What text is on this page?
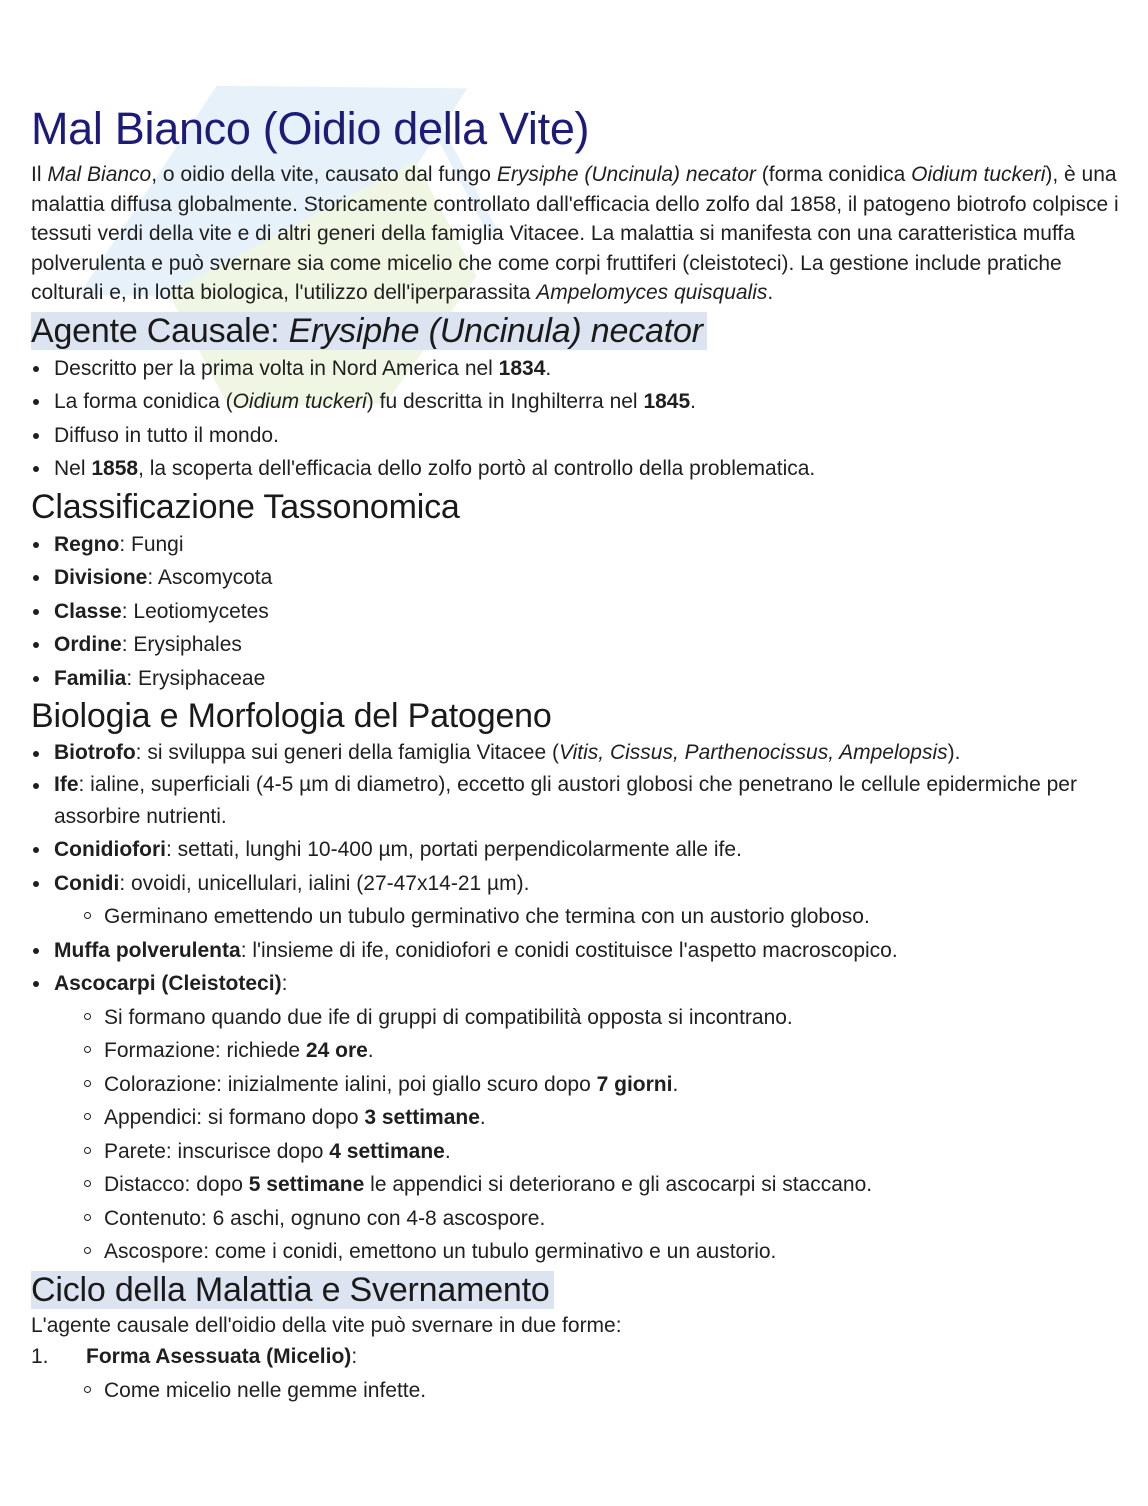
Mal Bianco (Oidio della Vite)

Il Mal Bianco, o oidio della vite, causato dal fungo Erysiphe (Uncinula) necator (forma conidica Oidium tuckeri), è una malattia diffusa globalmente. Storicamente controllato dall'efficacia dello zolfo dal 1858, il patogeno biotrofo colpisce i tessuti verdi della vite e di altri generi della famiglia Vitacee. La malattia si manifesta con una caratteristica muffa polverulenta e può svernare sia come micelio che come corpi fruttiferi (cleistoteci). La gestione include pratiche colturali e, in lotta biologica, l'utilizzo dell'iperparassita Ampelomyces quisqualis.

Agente Causale: Erysiphe (Uncinula) necator
Descritto per la prima volta in Nord America nel 1834.
La forma conidica (Oidium tuckeri) fu descritta in Inghilterra nel 1845.
Diffuso in tutto il mondo.
Nel 1858, la scoperta dell'efficacia dello zolfo portò al controllo della problematica.
Classificazione Tassonomica
Regno: Fungi
Divisione: Ascomycota
Classe: Leotiomycetes
Ordine: Erysiphales
Familia: Erysiphaceae
Biologia e Morfologia del Patogeno
Biotrofo: si sviluppa sui generi della famiglia Vitacee (Vitis, Cissus, Parthenocissus, Ampelopsis).
Ife: ialine, superficiali (4-5 µm di diametro), eccetto gli austori globosi che penetrano le cellule epidermiche per assorbire nutrienti.
Conidiofori: settati, lunghi 10-400 µm, portati perpendicolarmente alle ife.
Conidi: ovoidi, unicellulari, ialini (27-47x14-21 µm).
Germinano emettendo un tubulo germinativo che termina con un austorio globoso.
Muffa polverulenta: l'insieme di ife, conidiofori e conidi costituisce l'aspetto macroscopico.
Ascocarpi (Cleistoteci):
Si formano quando due ife di gruppi di compatibilità opposta si incontrano.
Formazione: richiede 24 ore.
Colorazione: inizialmente ialini, poi giallo scuro dopo 7 giorni.
Appendici: si formano dopo 3 settimane.
Parete: inscurisce dopo 4 settimane.
Distacco: dopo 5 settimane le appendici si deteriorano e gli ascocarpi si staccano.
Contenuto: 6 aschi, ognuno con 4-8 ascospore.
Ascospore: come i conidi, emettono un tubulo germinativo e un austorio.
Ciclo della Malattia e Svernamento

L'agente causale dell'oidio della vite può svernare in due forme:

1. Forma Asessuata (Micelio):
Come micelio nelle gemme infette.
